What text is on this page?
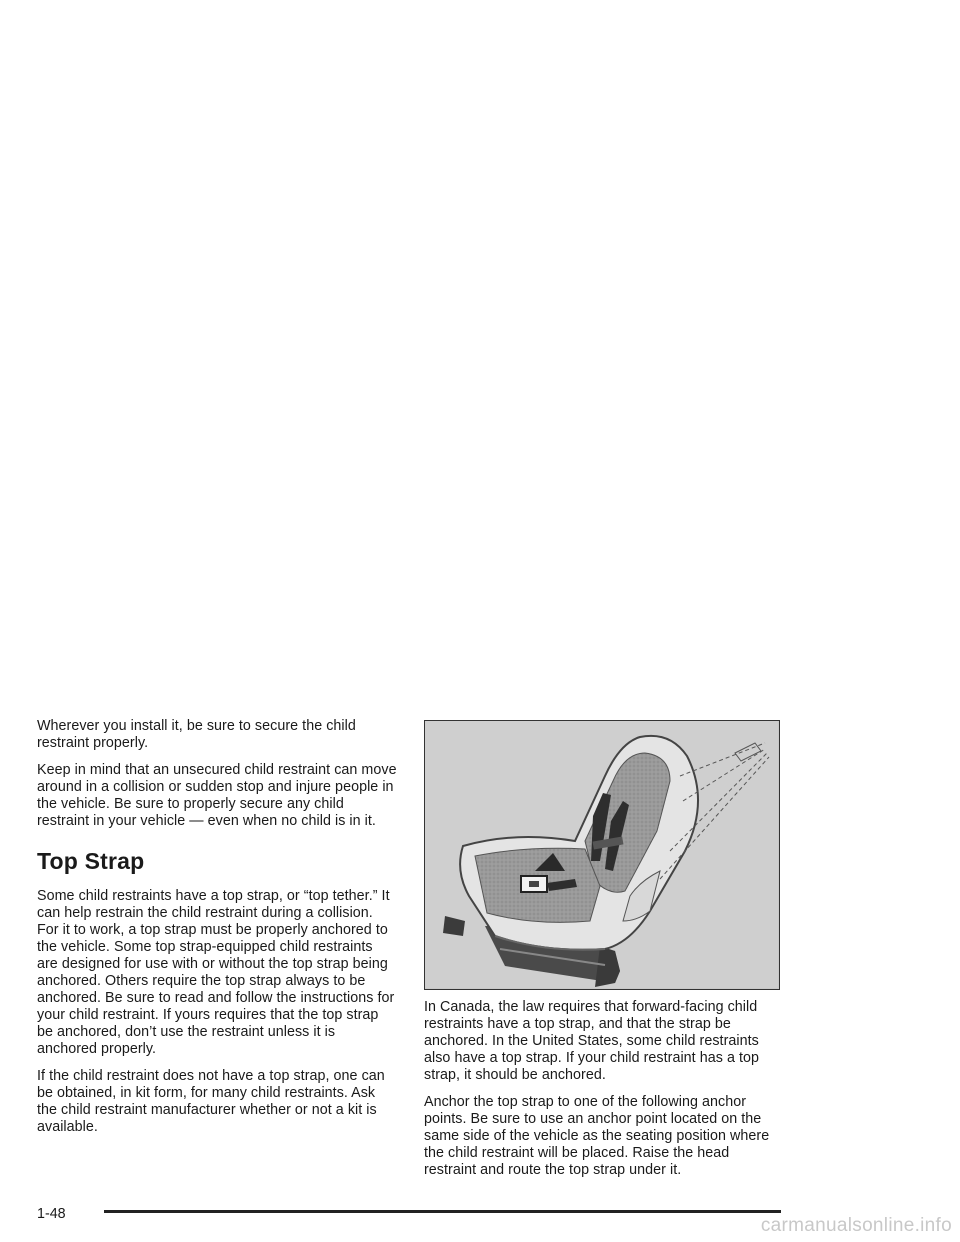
Wherever you install it, be sure to secure the child restraint properly.

Keep in mind that an unsecured child restraint can move around in a collision or sudden stop and injure people in the vehicle. Be sure to properly secure any child restraint in your vehicle — even when no child is in it.

Top Strap

Some child restraints have a top strap, or “top tether.” It can help restrain the child restraint during a collision. For it to work, a top strap must be properly anchored to the vehicle. Some top strap-equipped child restraints are designed for use with or without the top strap being anchored. Others require the top strap always to be anchored. Be sure to read and follow the instructions for your child restraint. If yours requires that the top strap be anchored, don’t use the restraint unless it is anchored properly.

If the child restraint does not have a top strap, one can be obtained, in kit form, for many child restraints. Ask the child restraint manufacturer whether or not a kit is available.

In Canada, the law requires that forward-facing child restraints have a top strap, and that the strap be anchored. In the United States, some child restraints also have a top strap. If your child restraint has a top strap, it should be anchored.

Anchor the top strap to one of the following anchor points. Be sure to use an anchor point located on the same side of the vehicle as the seating position where the child restraint will be placed. Raise the head restraint and route the top strap under it.

1-48
carmanualsonline.info
